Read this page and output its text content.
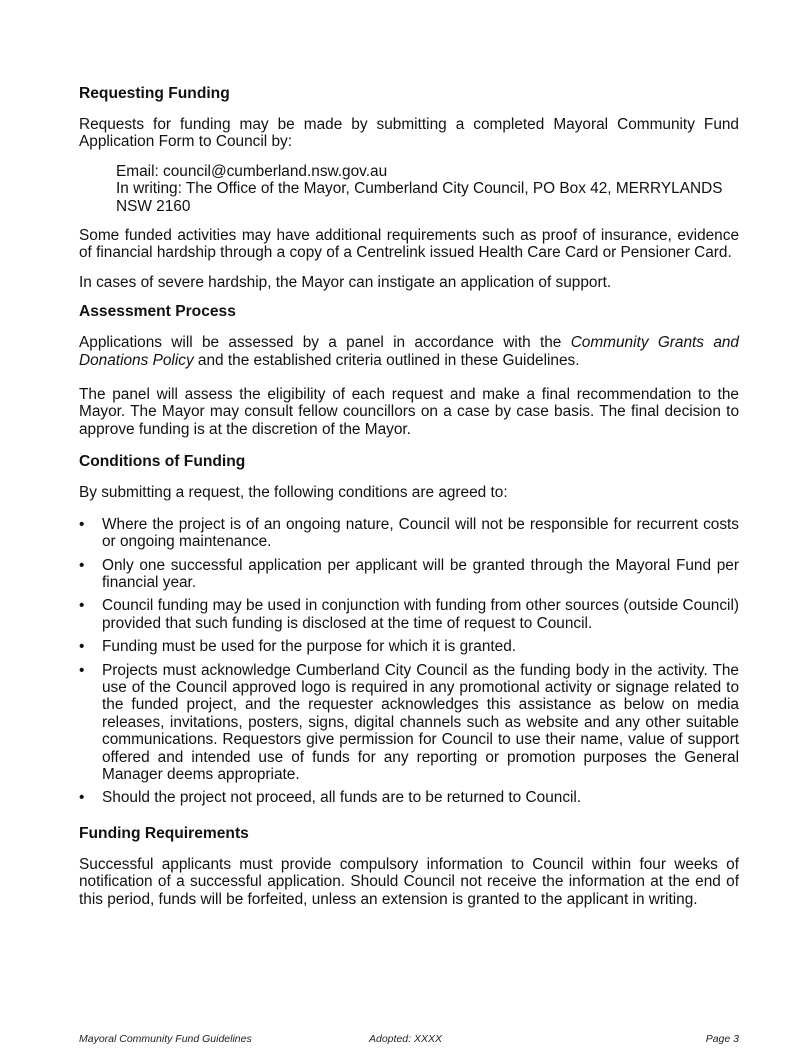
Requesting Funding

Requests for funding may be made by submitting a completed Mayoral Community Fund Application Form to Council by:

Email: council@cumberland.nsw.gov.au
In writing: The Office of the Mayor, Cumberland City Council, PO Box 42, MERRYLANDS NSW 2160

Some funded activities may have additional requirements such as proof of insurance, evidence of financial hardship through a copy of a Centrelink issued Health Care Card or Pensioner Card.

In cases of severe hardship, the Mayor can instigate an application of support.

Assessment Process

Applications will be assessed by a panel in accordance with the Community Grants and Donations Policy and the established criteria outlined in these Guidelines.

The panel will assess the eligibility of each request and make a final recommendation to the Mayor. The Mayor may consult fellow councillors on a case by case basis. The final decision to approve funding is at the discretion of the Mayor.

Conditions of Funding

By submitting a request, the following conditions are agreed to:

• Where the project is of an ongoing nature, Council will not be responsible for recurrent costs or ongoing maintenance.
• Only one successful application per applicant will be granted through the Mayoral Fund per financial year.
• Council funding may be used in conjunction with funding from other sources (outside Council) provided that such funding is disclosed at the time of request to Council.
• Funding must be used for the purpose for which it is granted.
• Projects must acknowledge Cumberland City Council as the funding body in the activity. The use of the Council approved logo is required in any promotional activity or signage related to the funded project, and the requester acknowledges this assistance as below on media releases, invitations, posters, signs, digital channels such as website and any other suitable communications. Requestors give permission for Council to use their name, value of support offered and intended use of funds for any reporting or promotion purposes the General Manager deems appropriate.
• Should the project not proceed, all funds are to be returned to Council.
Funding Requirements

Successful applicants must provide compulsory information to Council within four weeks of notification of a successful application. Should Council not receive the information at the end of this period, funds will be forfeited, unless an extension is granted to the applicant in writing.

Mayoral Community Fund Guidelines	Adopted: XXXX	Page 3
